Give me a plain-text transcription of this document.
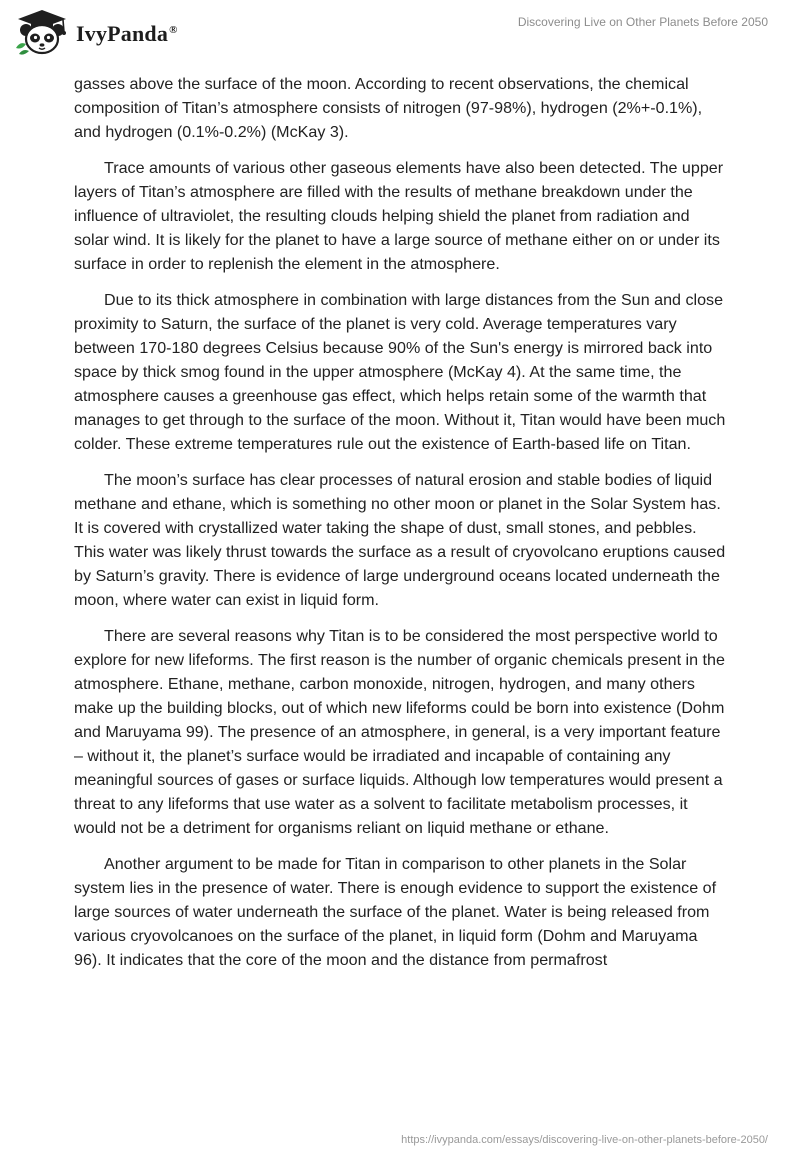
IvyPanda®
Discovering Live on Other Planets Before 2050

gasses above the surface of the moon. According to recent observations, the chemical composition of Titan’s atmosphere consists of nitrogen (97-98%), hydrogen (2%+-0.1%), and hydrogen (0.1%-0.2%) (McKay 3).

Trace amounts of various other gaseous elements have also been detected. The upper layers of Titan’s atmosphere are filled with the results of methane breakdown under the influence of ultraviolet, the resulting clouds helping shield the planet from radiation and solar wind. It is likely for the planet to have a large source of methane either on or under its surface in order to replenish the element in the atmosphere.

Due to its thick atmosphere in combination with large distances from the Sun and close proximity to Saturn, the surface of the planet is very cold. Average temperatures vary between 170-180 degrees Celsius because 90% of the Sun's energy is mirrored back into space by thick smog found in the upper atmosphere (McKay 4). At the same time, the atmosphere causes a greenhouse gas effect, which helps retain some of the warmth that manages to get through to the surface of the moon. Without it, Titan would have been much colder. These extreme temperatures rule out the existence of Earth-based life on Titan.

The moon’s surface has clear processes of natural erosion and stable bodies of liquid methane and ethane, which is something no other moon or planet in the Solar System has. It is covered with crystallized water taking the shape of dust, small stones, and pebbles. This water was likely thrust towards the surface as a result of cryovolcano eruptions caused by Saturn’s gravity. There is evidence of large underground oceans located underneath the moon, where water can exist in liquid form.

There are several reasons why Titan is to be considered the most perspective world to explore for new lifeforms. The first reason is the number of organic chemicals present in the atmosphere. Ethane, methane, carbon monoxide, nitrogen, hydrogen, and many others make up the building blocks, out of which new lifeforms could be born into existence (Dohm and Maruyama 99). The presence of an atmosphere, in general, is a very important feature – without it, the planet’s surface would be irradiated and incapable of containing any meaningful sources of gases or surface liquids. Although low temperatures would present a threat to any lifeforms that use water as a solvent to facilitate metabolism processes, it would not be a detriment for organisms reliant on liquid methane or ethane.

Another argument to be made for Titan in comparison to other planets in the Solar system lies in the presence of water. There is enough evidence to support the existence of large sources of water underneath the surface of the planet. Water is being released from various cryovolcanoes on the surface of the planet, in liquid form (Dohm and Maruyama 96). It indicates that the core of the moon and the distance from permafrost

https://ivypanda.com/essays/discovering-live-on-other-planets-before-2050/
